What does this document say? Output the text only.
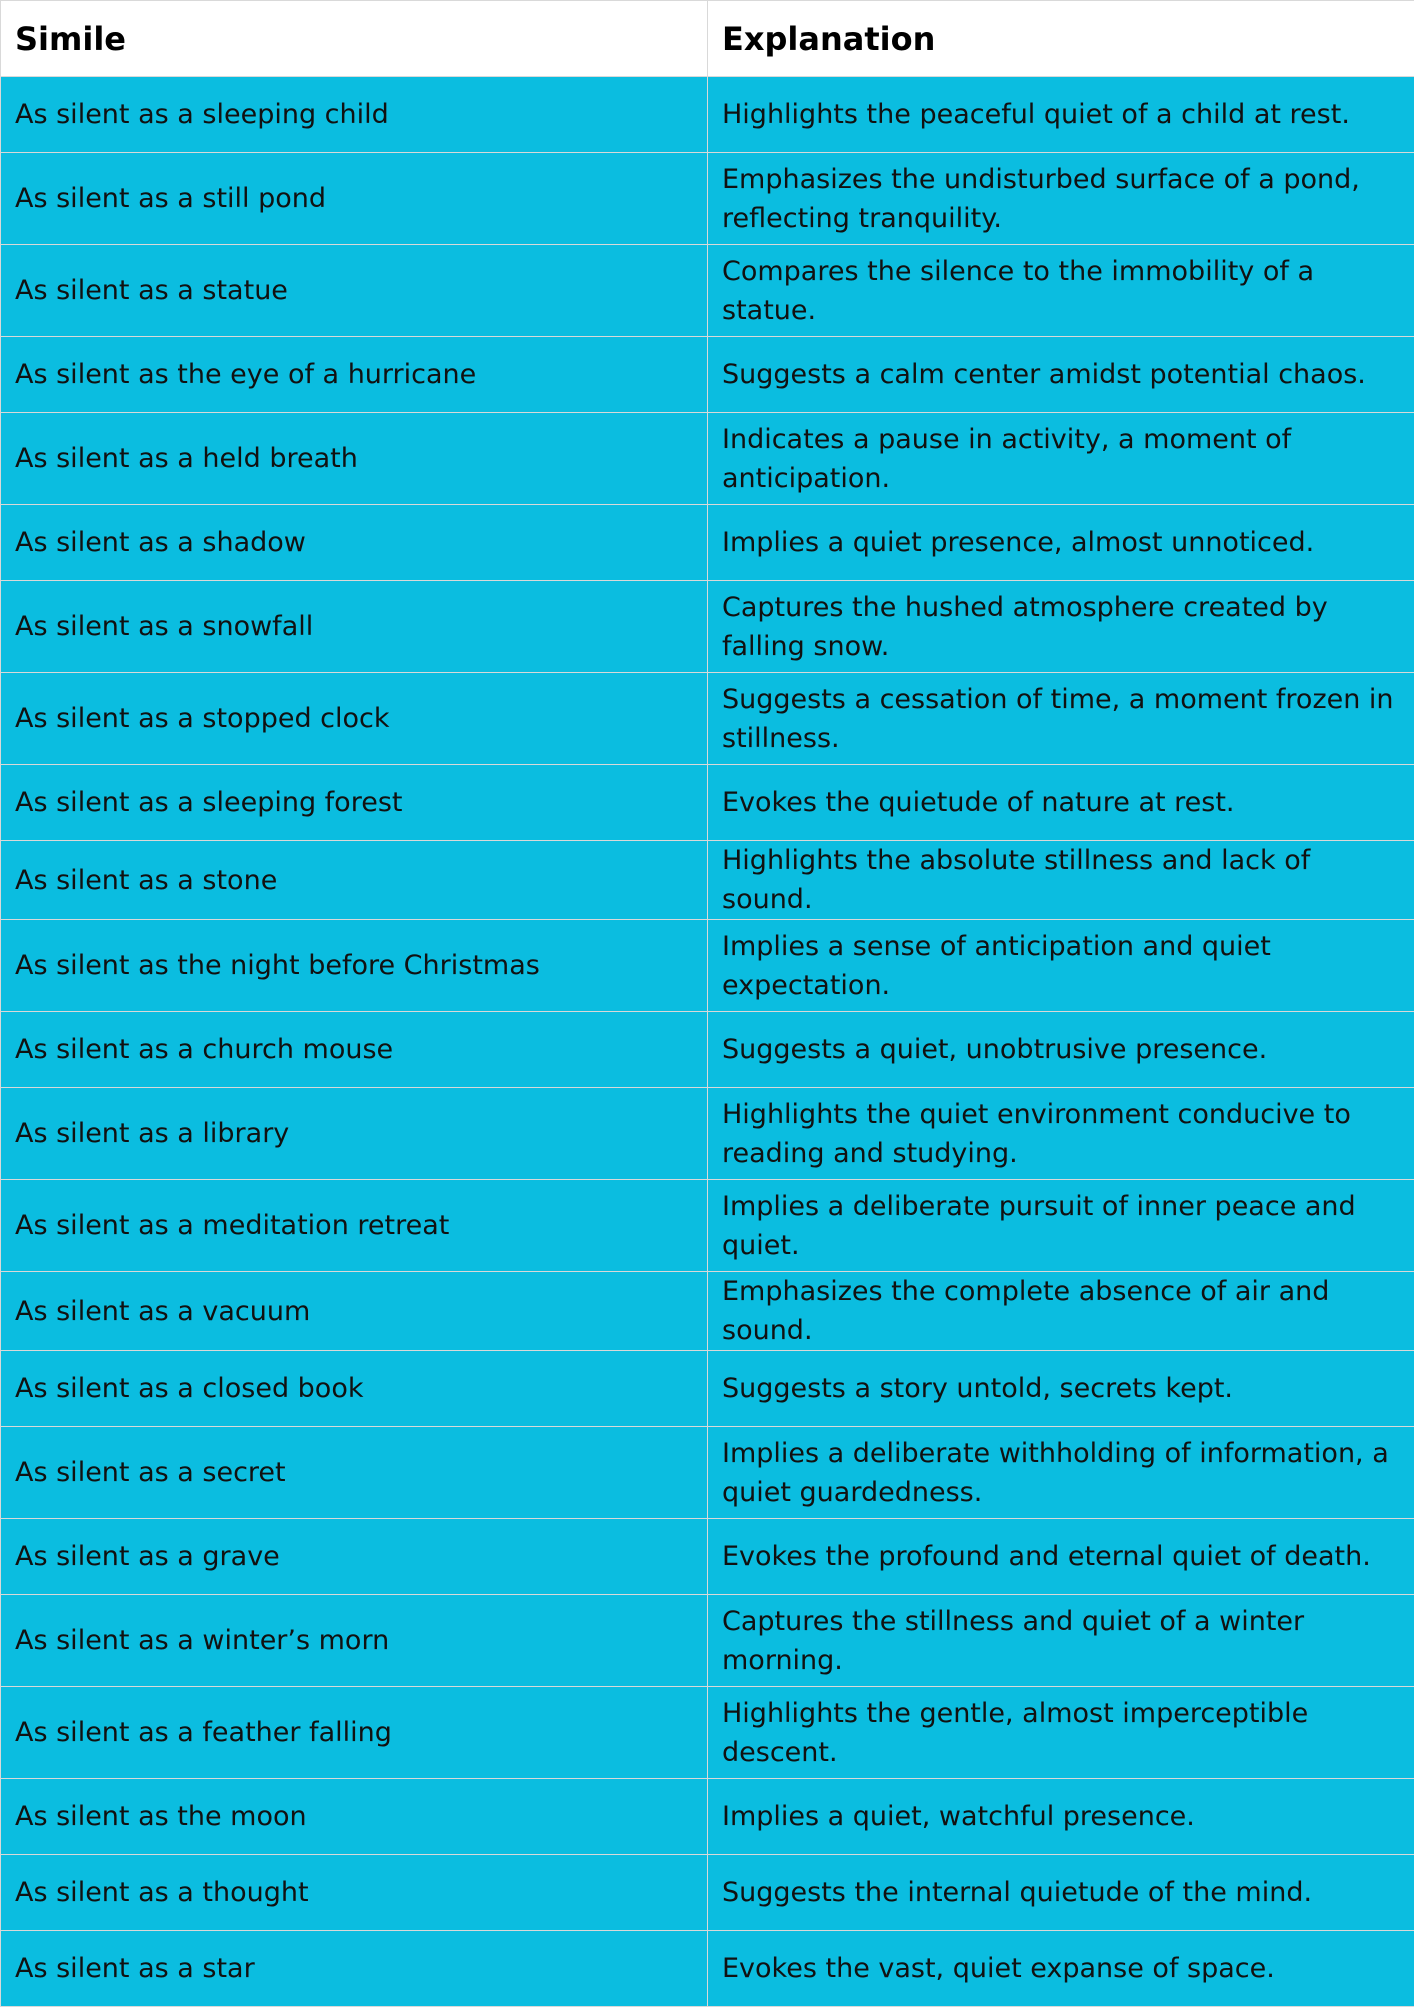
Simile	Explanation
As silent as a sleeping child	Highlights the peaceful quiet of a child at rest.
As silent as a still pond	Emphasizes the undisturbed surface of a pond, reflecting tranquility.
As silent as a statue	Compares the silence to the immobility of a statue.
As silent as the eye of a hurricane	Suggests a calm center amidst potential chaos.
As silent as a held breath	Indicates a pause in activity, a moment of anticipation.
As silent as a shadow	Implies a quiet presence, almost unnoticed.
As silent as a snowfall	Captures the hushed atmosphere created by falling snow.
As silent as a stopped clock	Suggests a cessation of time, a moment frozen in stillness.
As silent as a sleeping forest	Evokes the quietude of nature at rest.
As silent as a stone	Highlights the absolute stillness and lack of sound.
As silent as the night before Christmas	Implies a sense of anticipation and quiet expectation.
As silent as a church mouse	Suggests a quiet, unobtrusive presence.
As silent as a library	Highlights the quiet environment conducive to reading and studying.
As silent as a meditation retreat	Implies a deliberate pursuit of inner peace and quiet.
As silent as a vacuum	Emphasizes the complete absence of air and sound.
As silent as a closed book	Suggests a story untold, secrets kept.
As silent as a secret	Implies a deliberate withholding of information, a quiet guardedness.
As silent as a grave	Evokes the profound and eternal quiet of death.
As silent as a winter’s morn	Captures the stillness and quiet of a winter morning.
As silent as a feather falling	Highlights the gentle, almost imperceptible descent.
As silent as the moon	Implies a quiet, watchful presence.
As silent as a thought	Suggests the internal quietude of the mind.
As silent as a star	Evokes the vast, quiet expanse of space.
